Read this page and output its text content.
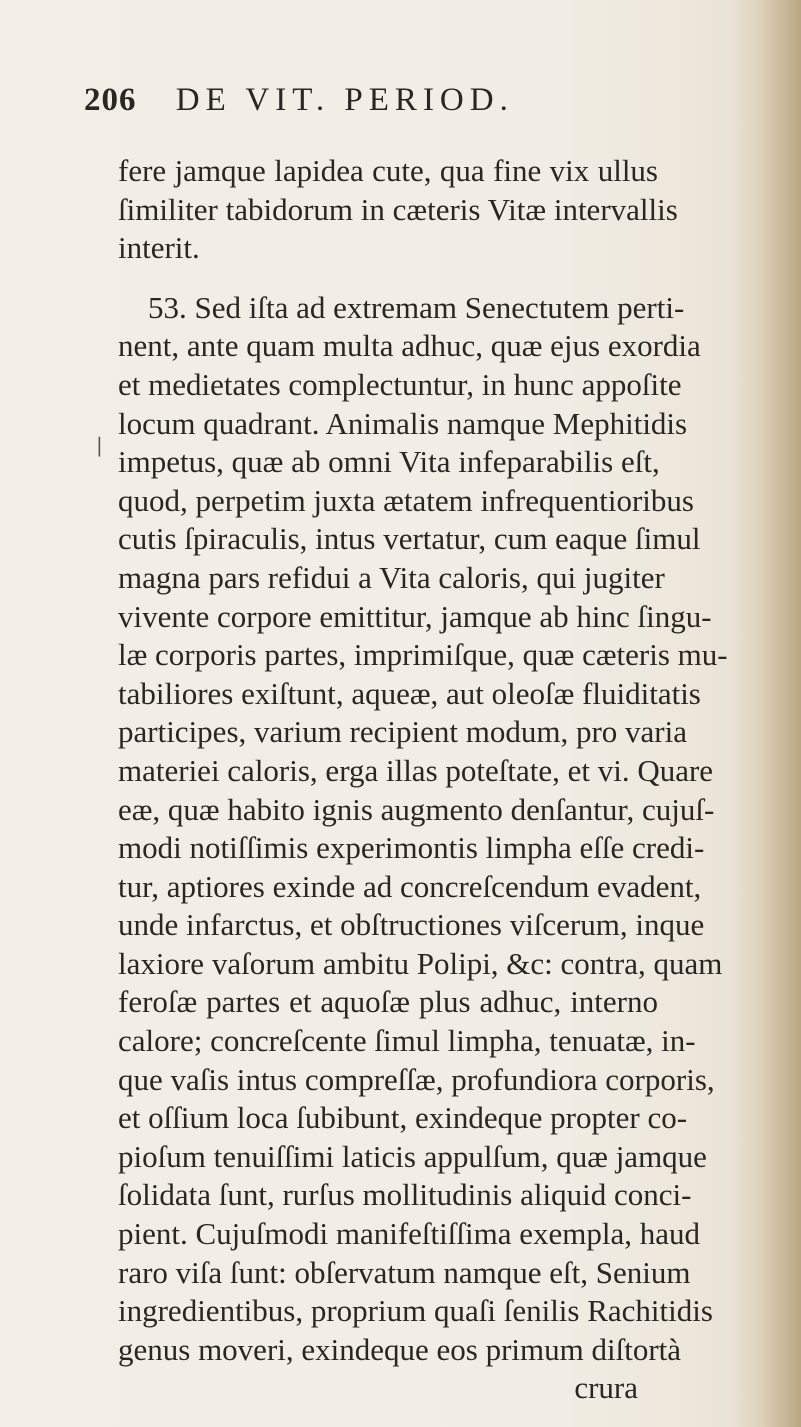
206 DE VIT. PERIOD.
|
fere jamque lapidea cute, qua fine vix ullus
ſimiliter tabidorum in cæteris Vitæ intervallis
interit.
53. Sed iſta ad extremam Senectutem perti-
nent, ante quam multa adhuc, quæ ejus exordia
et medietates complectuntur, in hunc appoſite
locum quadrant. Animalis namque Mephitidis
impetus, quæ ab omni Vita infeparabilis eſt,
quod, perpetim juxta ætatem infrequentioribus
cutis ſpiraculis, intus vertatur, cum eaque ſimul
magna pars refidui a Vita caloris, qui jugiter
vivente corpore emittitur, jamque ab hinc ſingu-
læ corporis partes, imprimiſque, quæ cæteris mu-
tabiliores exiſtunt, aqueæ, aut oleoſæ fluiditatis
participes, varium recipient modum, pro varia
materiei caloris, erga illas poteſtate, et vi. Quare
eæ, quæ habito ignis augmento denſantur, cujuſ-
modi notiſſimis experimontis limpha eſſe credi-
tur, aptiores exinde ad concreſcendum evadent,
unde infarctus, et obſtructiones viſcerum, inque
laxiore vaſorum ambitu Polipi, &c: contra, quam
feroſæ partes et aquoſæ plus adhuc, interno
calore; concreſcente ſimul limpha, tenuatæ, in-
que vaſis intus compreſſæ, profundiora corporis,
et oſſium loca ſubibunt, exindeque propter co-
pioſum tenuiſſimi laticis appulſum, quæ jamque
ſolidata ſunt, rurſus mollitudinis aliquid conci-
pient. Cujuſmodi manifeſtiſſima exempla, haud
raro viſa ſunt: obſervatum namque eſt, Senium
ingredientibus, proprium quaſi ſenilis Rachitidis
genus moveri, exindeque eos primum diſtortà
crura
